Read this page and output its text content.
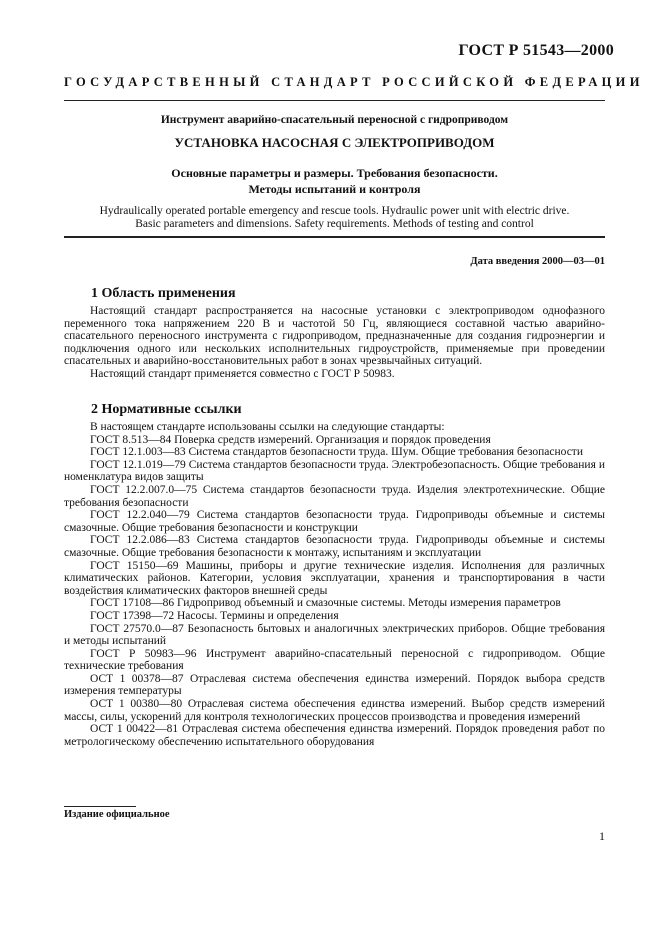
ГОСТ Р 51543—2000
ГОСУДАРСТВЕННЫЙ СТАНДАРТ РОССИЙСКОЙ ФЕДЕРАЦИИ
Инструмент аварийно-спасательный переносной с гидроприводом
УСТАНОВКА НАСОСНАЯ С ЭЛЕКТРОПРИВОДОМ
Основные параметры и размеры. Требования безопасности.
Методы испытаний и контроля
Hydraulically operated portable emergency and rescue tools. Hydraulic power unit with electric drive.
Basic parameters and dimensions. Safety requirements. Methods of testing and control
Дата введения 2000—03—01
1 Область применения

Настоящий стандарт распространяется на насосные установки с электроприводом однофазного переменного тока напряжением 220 В и частотой 50 Гц, являющиеся составной частью аварийно-спасательного переносного инструмента с гидроприводом, предназначенные для создания гидроэнергии и подключения одного или нескольких исполнительных гидроустройств, применяемые при проведении спасательных и аварийно-восстановительных работ в зонах чрезвычайных ситуаций.

Настоящий стандарт применяется совместно с ГОСТ Р 50983.

2 Нормативные ссылки

В настоящем стандарте использованы ссылки на следующие стандарты:

ГОСТ 8.513—84 Поверка средств измерений. Организация и порядок проведения

ГОСТ 12.1.003—83 Система стандартов безопасности труда. Шум. Общие требования безопасности

ГОСТ 12.1.019—79 Система стандартов безопасности труда. Электробезопасность. Общие требования и номенклатура видов защиты

ГОСТ 12.2.007.0—75 Система стандартов безопасности труда. Изделия электротехнические. Общие требования безопасности

ГОСТ 12.2.040—79 Система стандартов безопасности труда. Гидроприводы объемные и системы смазочные. Общие требования безопасности и конструкции

ГОСТ 12.2.086—83 Система стандартов безопасности труда. Гидроприводы объемные и системы смазочные. Общие требования безопасности к монтажу, испытаниям и эксплуатации

ГОСТ 15150—69 Машины, приборы и другие технические изделия. Исполнения для различных климатических районов. Категории, условия эксплуатации, хранения и транспортирования в части воздействия климатических факторов внешней среды

ГОСТ 17108—86 Гидропривод объемный и смазочные системы. Методы измерения параметров

ГОСТ 17398—72 Насосы. Термины и определения

ГОСТ 27570.0—87 Безопасность бытовых и аналогичных электрических приборов. Общие требования и методы испытаний

ГОСТ Р 50983—96 Инструмент аварийно-спасательный переносной с гидроприводом. Общие технические требования

ОСТ 1 00378—87 Отраслевая система обеспечения единства измерений. Порядок выбора средств измерения температуры

ОСТ 1 00380—80 Отраслевая система обеспечения единства измерений. Выбор средств измерений массы, силы, ускорений для контроля технологических процессов производства и проведения измерений

ОСТ 1 00422—81 Отраслевая система обеспечения единства измерений. Порядок проведения работ по метрологическому обеспечению испытательного оборудования

Издание официальное
1
